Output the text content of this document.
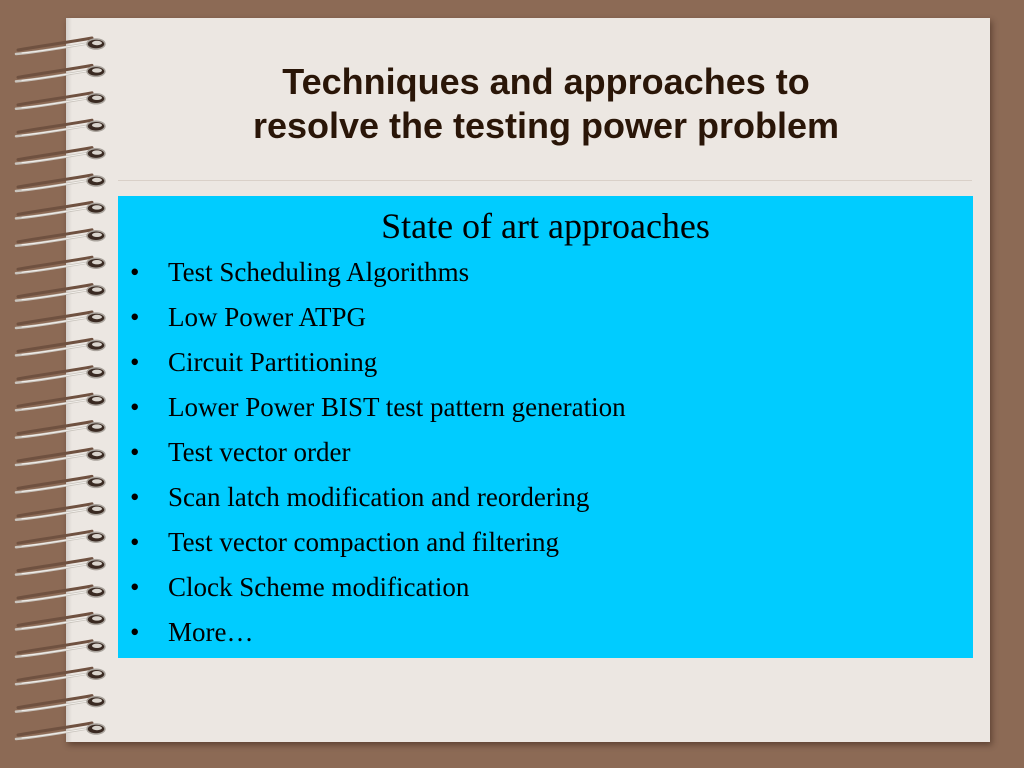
Techniques and approaches to
resolve the testing power problem

State of art approaches

• Test Scheduling Algorithms
• Low Power ATPG
• Circuit Partitioning
• Lower Power BIST test pattern generation
• Test vector order
• Scan latch modification and reordering
• Test vector compaction and filtering
• Clock Scheme modification
• More…
